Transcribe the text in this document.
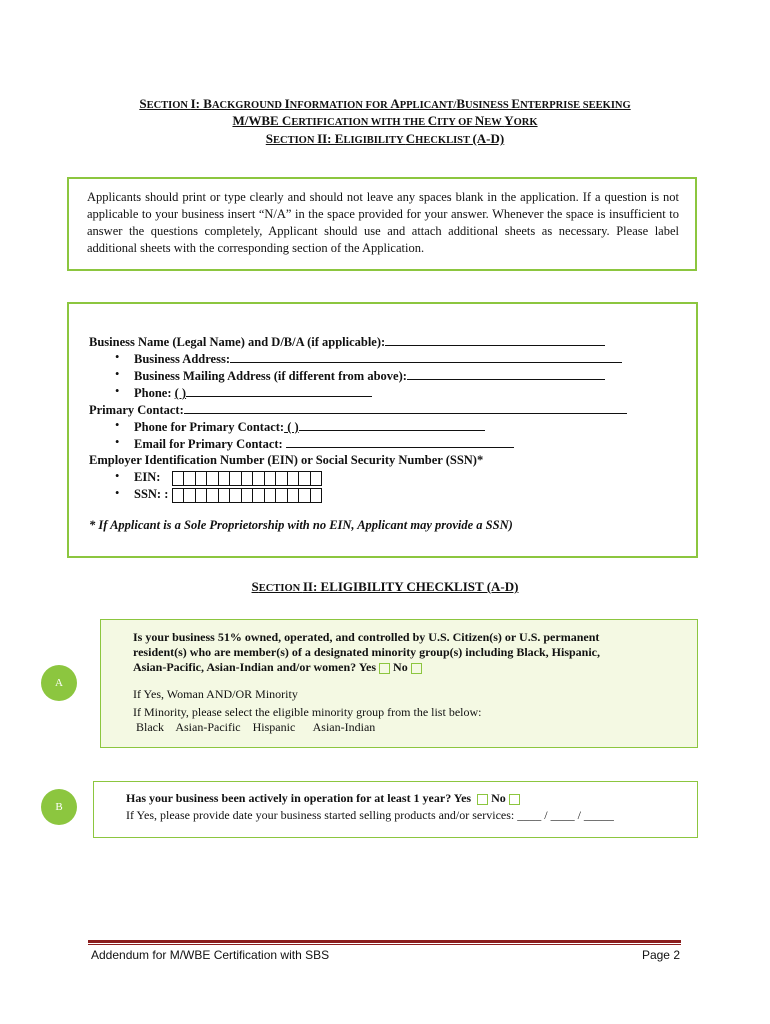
SECTION I: BACKGROUND INFORMATION FOR APPLICANT/BUSINESS ENTERPRISE SEEKING
M/WBE CERTIFICATION WITH THE CITY OF NEW YORK
SECTION II: ELIGIBILITY CHECKLIST (A-D)

Applicants should print or type clearly and should not leave any spaces blank in the application. If a question is not applicable to your business insert “N/A” in the space provided for your answer. Whenever the space is insufficient to answer the questions completely, Applicant should use and attach additional sheets as necessary. Please label additional sheets with the corresponding section of the Application.

Business Name (Legal Name) and D/B/A (if applicable):
• Business Address:
• Business Mailing Address (if different from above):
• Phone: ( )
Primary Contact:
• Phone for Primary Contact: ( )
• Email for Primary Contact:
Employer Identification Number (EIN) or Social Security Number (SSN)*
• EIN:
• SSN: :
* If Applicant is a Sole Proprietorship with no EIN, Applicant may provide a SSN)
SECTION II: ELIGIBILITY CHECKLIST (A-D)
A
Is your business 51% owned, operated, and controlled by U.S. Citizen(s) or U.S. permanent
resident(s) who are member(s) of a designated minority group(s) including Black, Hispanic,
Asian-Pacific, Asian-Indian and/or women? Yes No
If Yes, Woman AND/OR Minority
If Minority, please select the eligible minority group from the list below:
Black    Asian-Pacific    Hispanic      Asian-Indian
B
Has your business been actively in operation for at least 1 year? Yes No
If Yes, please provide date your business started selling products and/or services: ____ / ____ / _____
Addendum for M/WBE Certification with SBS	Page 2
